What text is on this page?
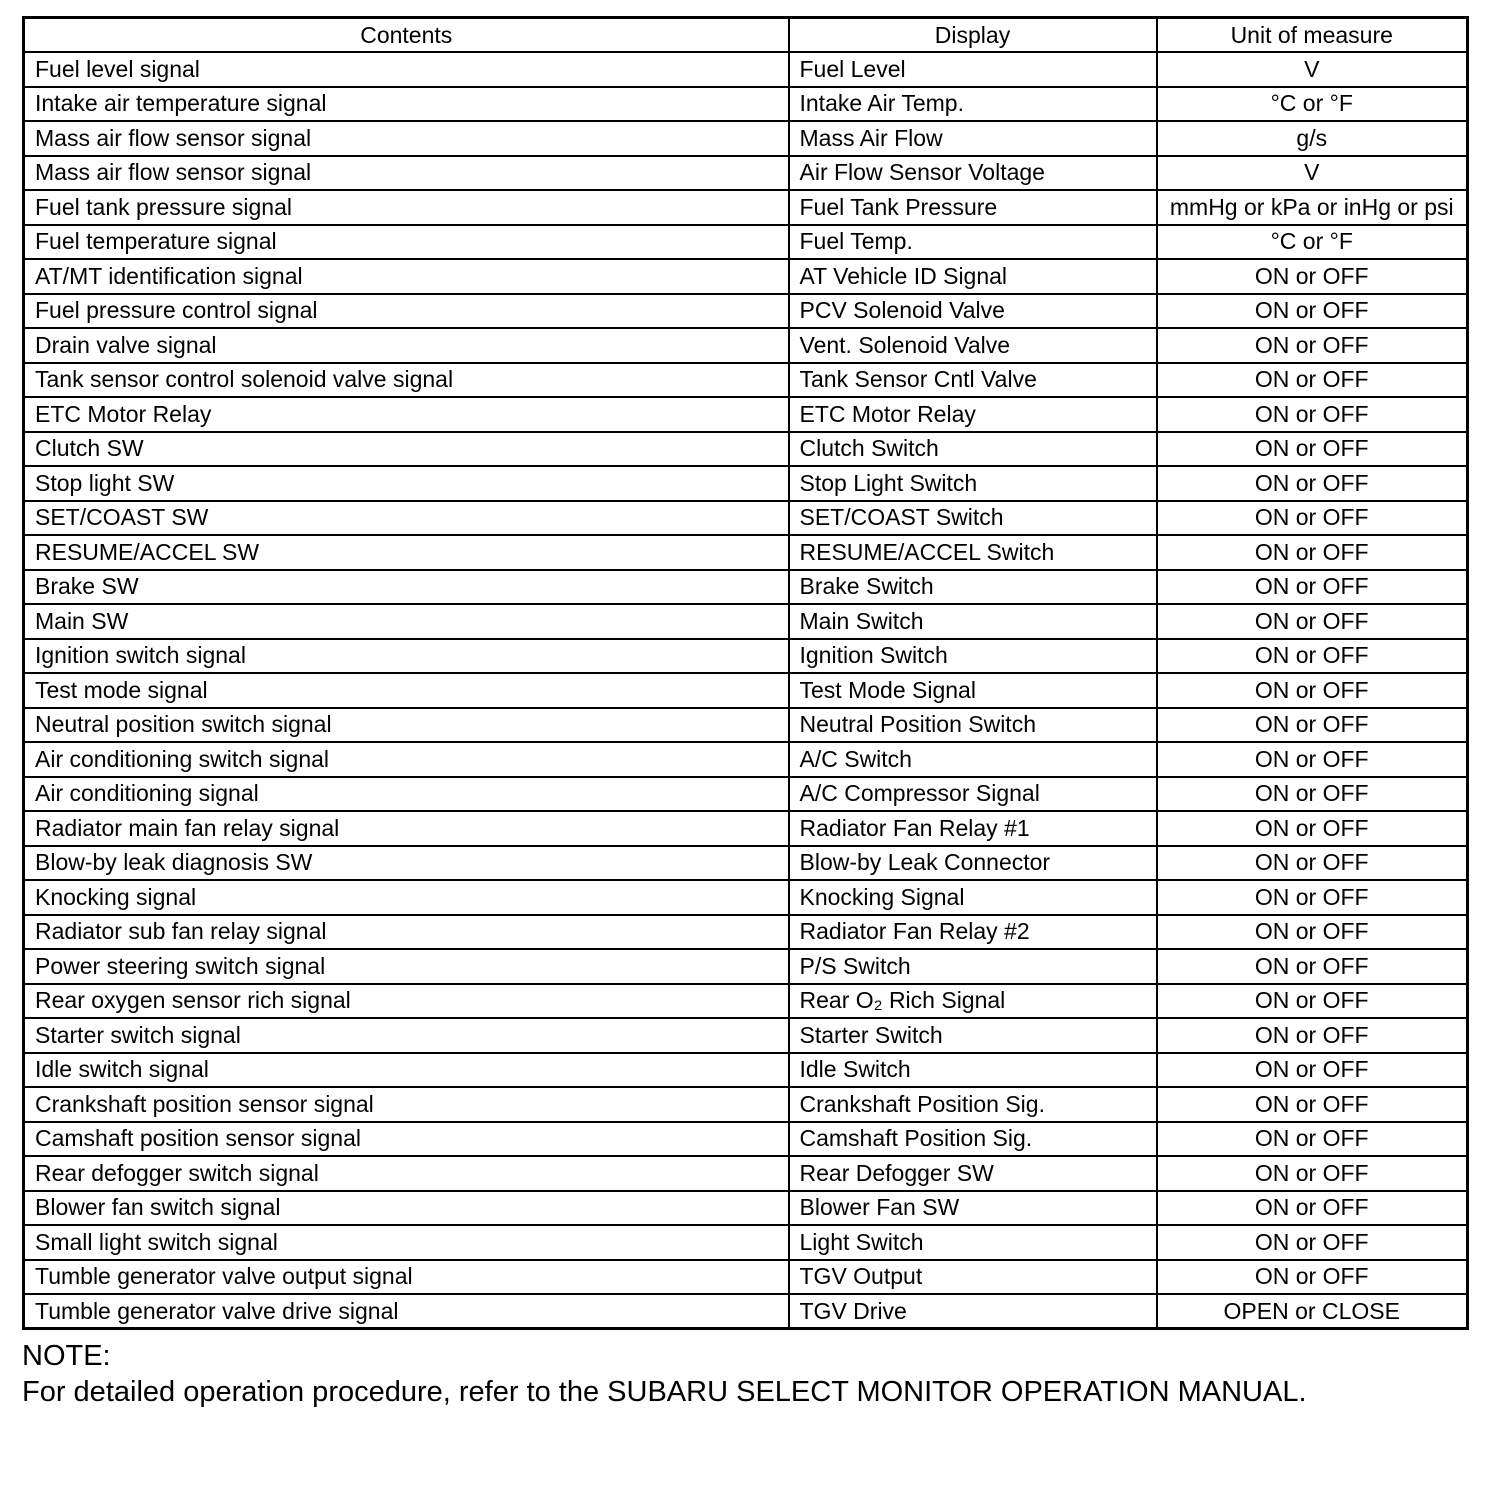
Contents	Display	Unit of measure
Fuel level signal	Fuel Level	V
Intake air temperature signal	Intake Air Temp.	°C or °F
Mass air flow sensor signal	Mass Air Flow	g/s
Mass air flow sensor signal	Air Flow Sensor Voltage	V
Fuel tank pressure signal	Fuel Tank Pressure	mmHg or kPa or inHg or psi
Fuel temperature signal	Fuel Temp.	°C or °F
AT/MT identification signal	AT Vehicle ID Signal	ON or OFF
Fuel pressure control signal	PCV Solenoid Valve	ON or OFF
Drain valve signal	Vent. Solenoid Valve	ON or OFF
Tank sensor control solenoid valve signal	Tank Sensor Cntl Valve	ON or OFF
ETC Motor Relay	ETC Motor Relay	ON or OFF
Clutch SW	Clutch Switch	ON or OFF
Stop light SW	Stop Light Switch	ON or OFF
SET/COAST SW	SET/COAST Switch	ON or OFF
RESUME/ACCEL SW	RESUME/ACCEL Switch	ON or OFF
Brake SW	Brake Switch	ON or OFF
Main SW	Main Switch	ON or OFF
Ignition switch signal	Ignition Switch	ON or OFF
Test mode signal	Test Mode Signal	ON or OFF
Neutral position switch signal	Neutral Position Switch	ON or OFF
Air conditioning switch signal	A/C Switch	ON or OFF
Air conditioning signal	A/C Compressor Signal	ON or OFF
Radiator main fan relay signal	Radiator Fan Relay #1	ON or OFF
Blow-by leak diagnosis SW	Blow-by Leak Connector	ON or OFF
Knocking signal	Knocking Signal	ON or OFF
Radiator sub fan relay signal	Radiator Fan Relay #2	ON or OFF
Power steering switch signal	P/S Switch	ON or OFF
Rear oxygen sensor rich signal	Rear O₂ Rich Signal	ON or OFF
Starter switch signal	Starter Switch	ON or OFF
Idle switch signal	Idle Switch	ON or OFF
Crankshaft position sensor signal	Crankshaft Position Sig.	ON or OFF
Camshaft position sensor signal	Camshaft Position Sig.	ON or OFF
Rear defogger switch signal	Rear Defogger SW	ON or OFF
Blower fan switch signal	Blower Fan SW	ON or OFF
Small light switch signal	Light Switch	ON or OFF
Tumble generator valve output signal	TGV Output	ON or OFF
Tumble generator valve drive signal	TGV Drive	OPEN or CLOSE
NOTE:
For detailed operation procedure, refer to the SUBARU SELECT MONITOR OPERATION MANUAL.
